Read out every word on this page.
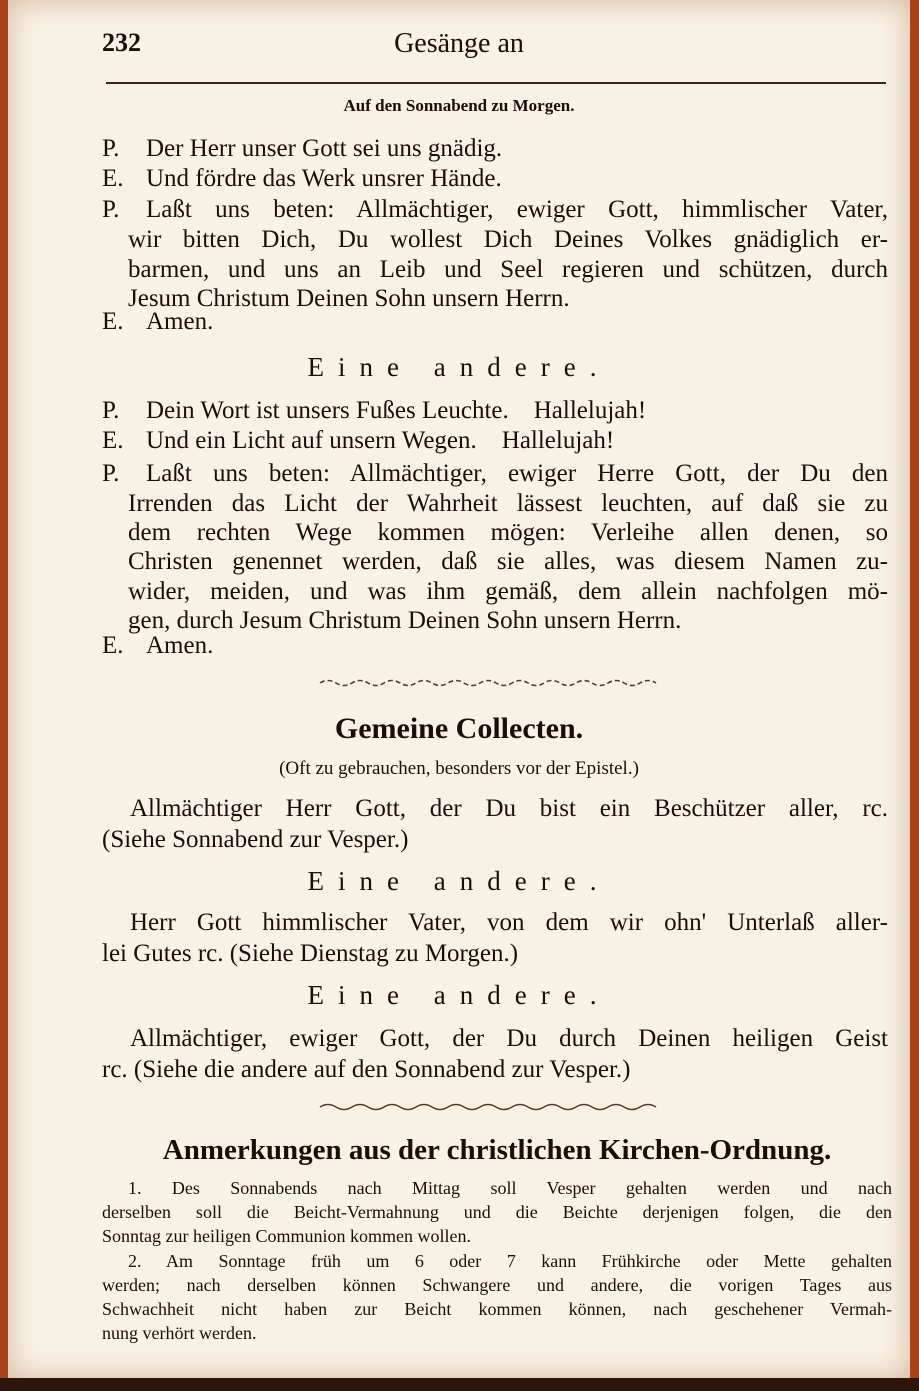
232	Gesänge an
Auf den Sonnabend zu Morgen.
P.	Der Herr unser Gott sei uns gnädig.
E. Und fördre das Werk unsrer Hände.
P.	Laßt uns beten: Allmächtiger, ewiger Gott, himmlischer Vater,
wir bitten Dich, Du wollest Dich Deines Volkes gnädiglich er-
barmen, und uns an Leib und Seel regieren und schützen, durch
Jesum Christum Deinen Sohn unsern Herrn.
E. Amen.
Eine andere.
P.	Dein Wort ist unsers Fußes Leuchte.    Hallelujah!
E. Und ein Licht auf unsern Wegen.    Hallelujah!
P.	Laßt uns beten: Allmächtiger, ewiger Herre Gott, der Du den
Irrenden das Licht der Wahrheit lässest leuchten, auf daß sie zu
dem rechten Wege kommen mögen: Verleihe allen denen, so
Christen genennet werden, daß sie alles, was diesem Namen zu-
wider, meiden, und was ihm gemäß, dem allein nachfolgen mö-
gen, durch Jesum Christum Deinen Sohn unsern Herrn.
E. Amen.
Gemeine Collecten.
(Oft zu gebrauchen, besonders vor der Epistel.)
Allmächtiger Herr Gott, der Du bist ein Beschützer aller, rc.
(Siehe Sonnabend zur Vesper.)
Eine andere.
Herr Gott himmlischer Vater, von dem wir ohn' Unterlaß aller-
lei Gutes rc. (Siehe Dienstag zu Morgen.)
Eine andere.
Allmächtiger, ewiger Gott, der Du durch Deinen heiligen Geist
rc. (Siehe die andere auf den Sonnabend zur Vesper.)
Anmerkungen aus der christlichen Kirchen-Ordnung.
1. Des Sonnabends nach Mittag soll Vesper gehalten werden und nach
derselben soll die Beicht-Vermahnung und die Beichte derjenigen folgen, die den
Sonntag zur heiligen Communion kommen wollen.
2. Am Sonntage früh um 6 oder 7 kann Frühkirche oder Mette gehalten
werden; nach derselben können Schwangere und andere, die vorigen Tages aus
Schwachheit nicht haben zur Beicht kommen können, nach geschehener Vermah-
nung verhört werden.
